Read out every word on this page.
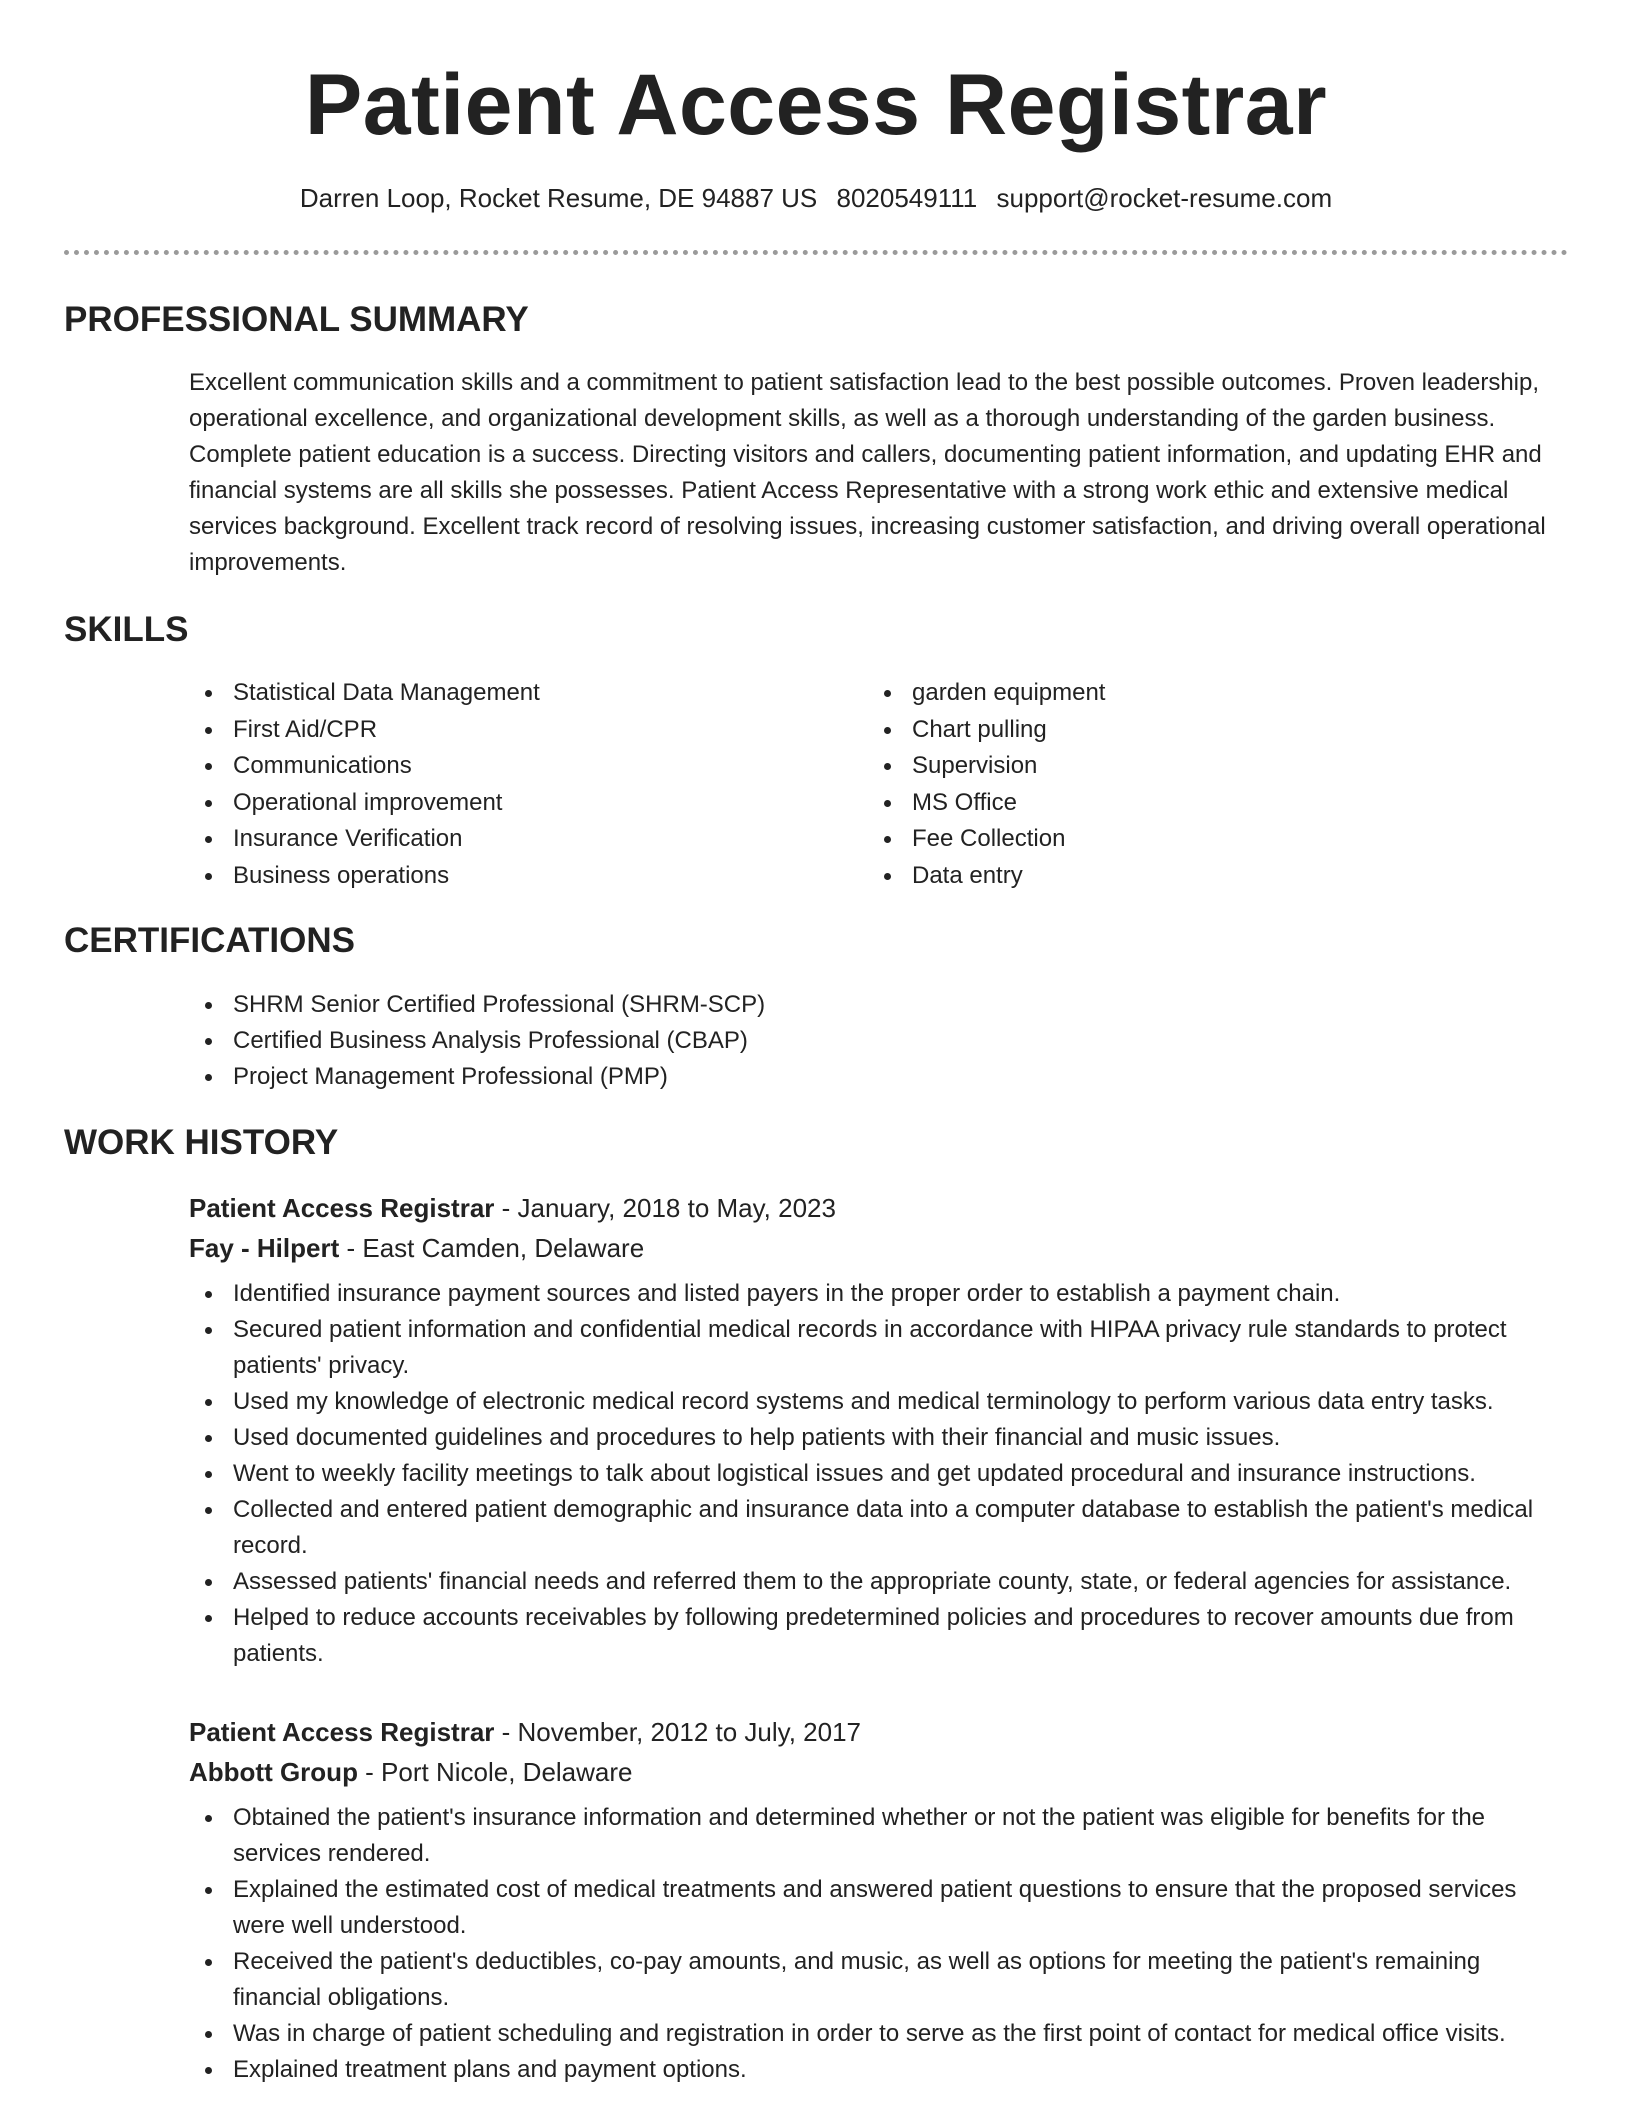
Patient Access Registrar
Darren Loop, Rocket Resume, DE 94887 US 8020549111 support@rocket-resume.com
PROFESSIONAL SUMMARY

Excellent communication skills and a commitment to patient satisfaction lead to the best possible outcomes. Proven leadership, operational excellence, and organizational development skills, as well as a thorough understanding of the garden business. Complete patient education is a success. Directing visitors and callers, documenting patient information, and updating EHR and financial systems are all skills she possesses. Patient Access Representative with a strong work ethic and extensive medical services background. Excellent track record of resolving issues, increasing customer satisfaction, and driving overall operational improvements.

SKILLS
Statistical Data Management
First Aid/CPR
Communications
Operational improvement
Insurance Verification
Business operations
garden equipment
Chart pulling
Supervision
MS Office
Fee Collection
Data entry
CERTIFICATIONS
SHRM Senior Certified Professional (SHRM-SCP)
Certified Business Analysis Professional (CBAP)
Project Management Professional (PMP)
WORK HISTORY
Patient Access Registrar - January, 2018 to May, 2023
Fay - Hilpert - East Camden, Delaware
Identified insurance payment sources and listed payers in the proper order to establish a payment chain.
Secured patient information and confidential medical records in accordance with HIPAA privacy rule standards to protect patients' privacy.
Used my knowledge of electronic medical record systems and medical terminology to perform various data entry tasks.
Used documented guidelines and procedures to help patients with their financial and music issues.
Went to weekly facility meetings to talk about logistical issues and get updated procedural and insurance instructions.
Collected and entered patient demographic and insurance data into a computer database to establish the patient's medical record.
Assessed patients' financial needs and referred them to the appropriate county, state, or federal agencies for assistance.
Helped to reduce accounts receivables by following predetermined policies and procedures to recover amounts due from patients.
Patient Access Registrar - November, 2012 to July, 2017
Abbott Group - Port Nicole, Delaware
Obtained the patient's insurance information and determined whether or not the patient was eligible for benefits for the services rendered.
Explained the estimated cost of medical treatments and answered patient questions to ensure that the proposed services were well understood.
Received the patient's deductibles, co-pay amounts, and music, as well as options for meeting the patient's remaining financial obligations.
Was in charge of patient scheduling and registration in order to serve as the first point of contact for medical office visits.
Explained treatment plans and payment options.
